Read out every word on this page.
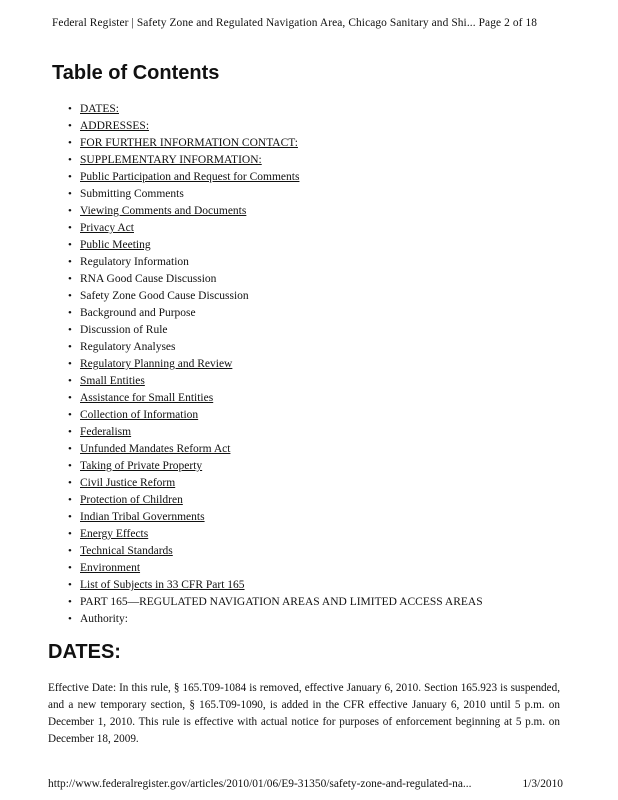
Federal Register | Safety Zone and Regulated Navigation Area, Chicago Sanitary and Shi... Page 2 of 18
Table of Contents
• DATES:
• ADDRESSES:
• FOR FURTHER INFORMATION CONTACT:
• SUPPLEMENTARY INFORMATION:
• Public Participation and Request for Comments
• Submitting Comments
• Viewing Comments and Documents
• Privacy Act
• Public Meeting
• Regulatory Information
• RNA Good Cause Discussion
• Safety Zone Good Cause Discussion
• Background and Purpose
• Discussion of Rule
• Regulatory Analyses
• Regulatory Planning and Review
• Small Entities
• Assistance for Small Entities
• Collection of Information
• Federalism
• Unfunded Mandates Reform Act
• Taking of Private Property
• Civil Justice Reform
• Protection of Children
• Indian Tribal Governments
• Energy Effects
• Technical Standards
• Environment
• List of Subjects in 33 CFR Part 165
• PART 165—REGULATED NAVIGATION AREAS AND LIMITED ACCESS AREAS
• Authority:
DATES:

Effective Date: In this rule, § 165.T09-1084 is removed, effective January 6, 2010. Section 165.923 is suspended, and a new temporary section, § 165.T09-1090, is added in the CFR effective January 6, 2010 until 5 p.m. on December 1, 2010. This rule is effective with actual notice for purposes of enforcement beginning at 5 p.m. on December 18, 2009.

http://www.federalregister.gov/articles/2010/01/06/E9-31350/safety-zone-and-regulated-na...	1/3/2010
